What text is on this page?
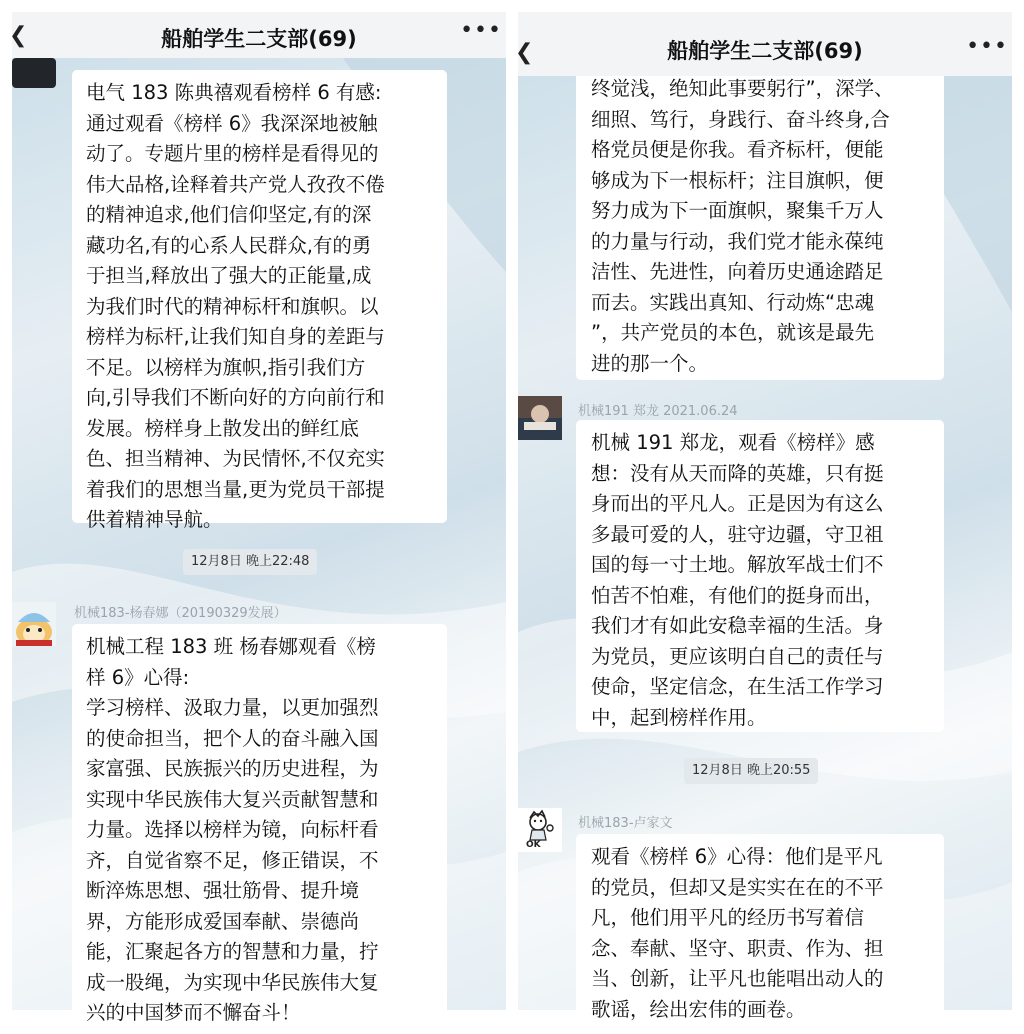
❮	船舶学生二支部(69)	•••
电气 183 陈典禧观看榜样 6 有感:
通过观看《榜样 6》我深深地被触
动了。专题片里的榜样是看得见的
伟大品格,诠释着共产党人孜孜不倦
的精神追求,他们信仰坚定,有的深
藏功名,有的心系人民群众,有的勇
于担当,释放出了强大的正能量,成
为我们时代的精神标杆和旗帜。以
榜样为标杆,让我们知自身的差距与
不足。以榜样为旗帜,指引我们方
向,引导我们不断向好的方向前行和
发展。榜样身上散发出的鲜红底
色、担当精神、为民情怀,不仅充实
着我们的思想当量,更为党员干部提
供着精神导航。
12月8日 晚上22:48
机械183-杨春娜（20190329发展）
机械工程 183 班 杨春娜观看《榜
样 6》心得:
学习榜样、汲取力量，以更加强烈
的使命担当，把个人的奋斗融入国
家富强、民族振兴的历史进程，为
实现中华民族伟大复兴贡献智慧和
力量。选择以榜样为镜，向标杆看
齐，自觉省察不足，修正错误，不
断淬炼思想、强壮筋骨、提升境
界，方能形成爱国奉献、崇德尚
能，汇聚起各方的智慧和力量，拧
成一股绳，为实现中华民族伟大复
兴的中国梦而不懈奋斗！
❮	船舶学生二支部(69)	•••
终觉浅，绝知此事要躬行”，深学、
细照、笃行，身践行、奋斗终身,合
格党员便是你我。看齐标杆，便能
够成为下一根标杆；注目旗帜，便
努力成为下一面旗帜，聚集千万人
的力量与行动，我们党才能永葆纯
洁性、先进性，向着历史通途踏足
而去。实践出真知、行动炼“忠魂
”，共产党员的本色，就该是最先
进的那一个。
机械191 郑龙 2021.06.24
机械 191 郑龙，观看《榜样》感
想：没有从天而降的英雄，只有挺
身而出的平凡人。正是因为有这么
多最可爱的人，驻守边疆，守卫祖
国的每一寸土地。解放军战士们不
怕苦不怕难，有他们的挺身而出，
我们才有如此安稳幸福的生活。身
为党员，更应该明白自己的责任与
使命，坚定信念，在生活工作学习
中，起到榜样作用。
12月8日 晚上20:55
OK
机械183-卢家文
观看《榜样 6》心得：他们是平凡
的党员，但却又是实实在在的不平
凡，他们用平凡的经历书写着信
念、奉献、坚守、职责、作为、担
当、创新，让平凡也能唱出动人的
歌谣，绘出宏伟的画卷。
